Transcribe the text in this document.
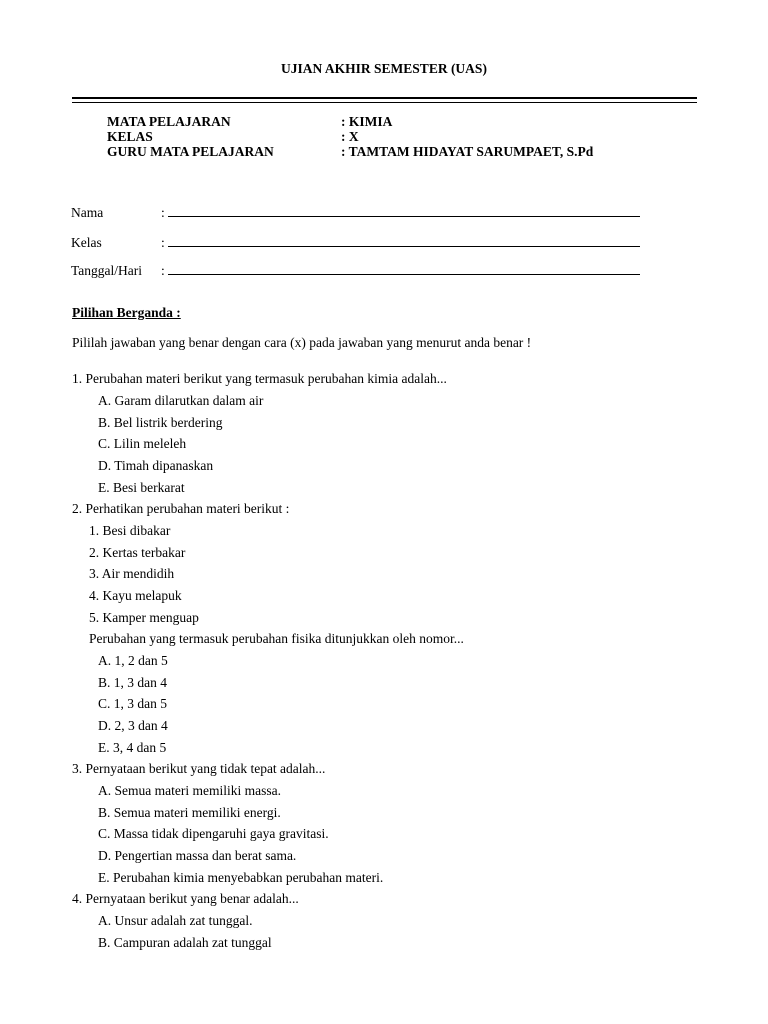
UJIAN AKHIR SEMESTER (UAS)
MATA PELAJARAN	: KIMIA
KELAS	: X
GURU MATA PELAJARAN	: TAMTAM HIDAYAT SARUMPAET, S.Pd
Nama	:
Kelas	:
Tanggal/Hari :
Pilihan Berganda :
Pililah jawaban yang benar dengan cara (x) pada jawaban yang menurut anda benar !
1. Perubahan materi berikut yang termasuk perubahan kimia adalah...
A. Garam dilarutkan dalam air
B. Bel listrik berdering
C. Lilin meleleh
D. Timah dipanaskan
E. Besi berkarat
2. Perhatikan perubahan materi berikut :
1. Besi dibakar
2. Kertas terbakar
3. Air mendidih
4. Kayu melapuk
5. Kamper menguap
Perubahan yang termasuk perubahan fisika ditunjukkan oleh nomor...
A. 1, 2 dan 5
B. 1, 3 dan 4
C. 1, 3 dan 5
D. 2, 3 dan 4
E. 3, 4 dan 5
3. Pernyataan berikut yang tidak tepat adalah...
A. Semua materi memiliki massa.
B. Semua materi memiliki energi.
C. Massa tidak dipengaruhi gaya gravitasi.
D. Pengertian massa dan berat sama.
E. Perubahan kimia menyebabkan perubahan materi.
4. Pernyataan berikut yang benar adalah...
A. Unsur adalah zat tunggal.
B. Campuran adalah zat tunggal
